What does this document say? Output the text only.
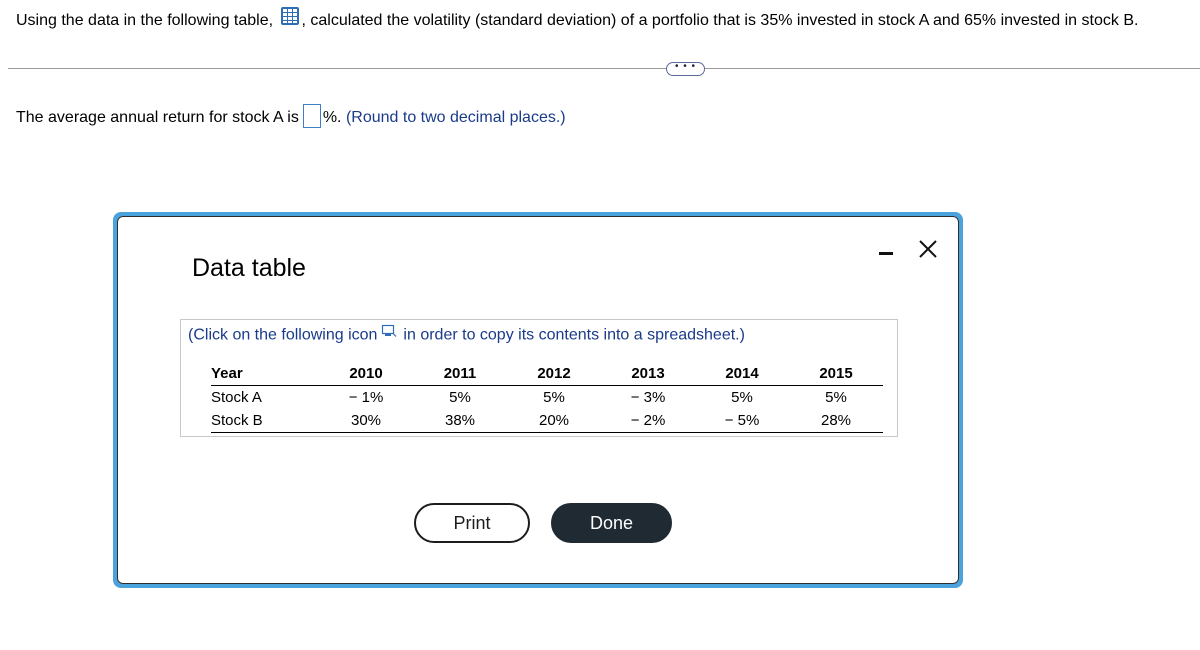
Using the data in the following table, , calculated the volatility (standard deviation) of a portfolio that is 35% invested in stock A and 65% invested in stock B.
• • •
The average annual return for stock A is %. (Round to two decimal places.)
Data table
(Click on the following icon in order to copy its contents into a spreadsheet.)
Year	2010	2011	2012	2013	2014	2015
Stock A	− 1%	5%	5%	− 3%	5%	5%
Stock B	30%	38%	20%	− 2%	− 5%	28%
Print	Done
